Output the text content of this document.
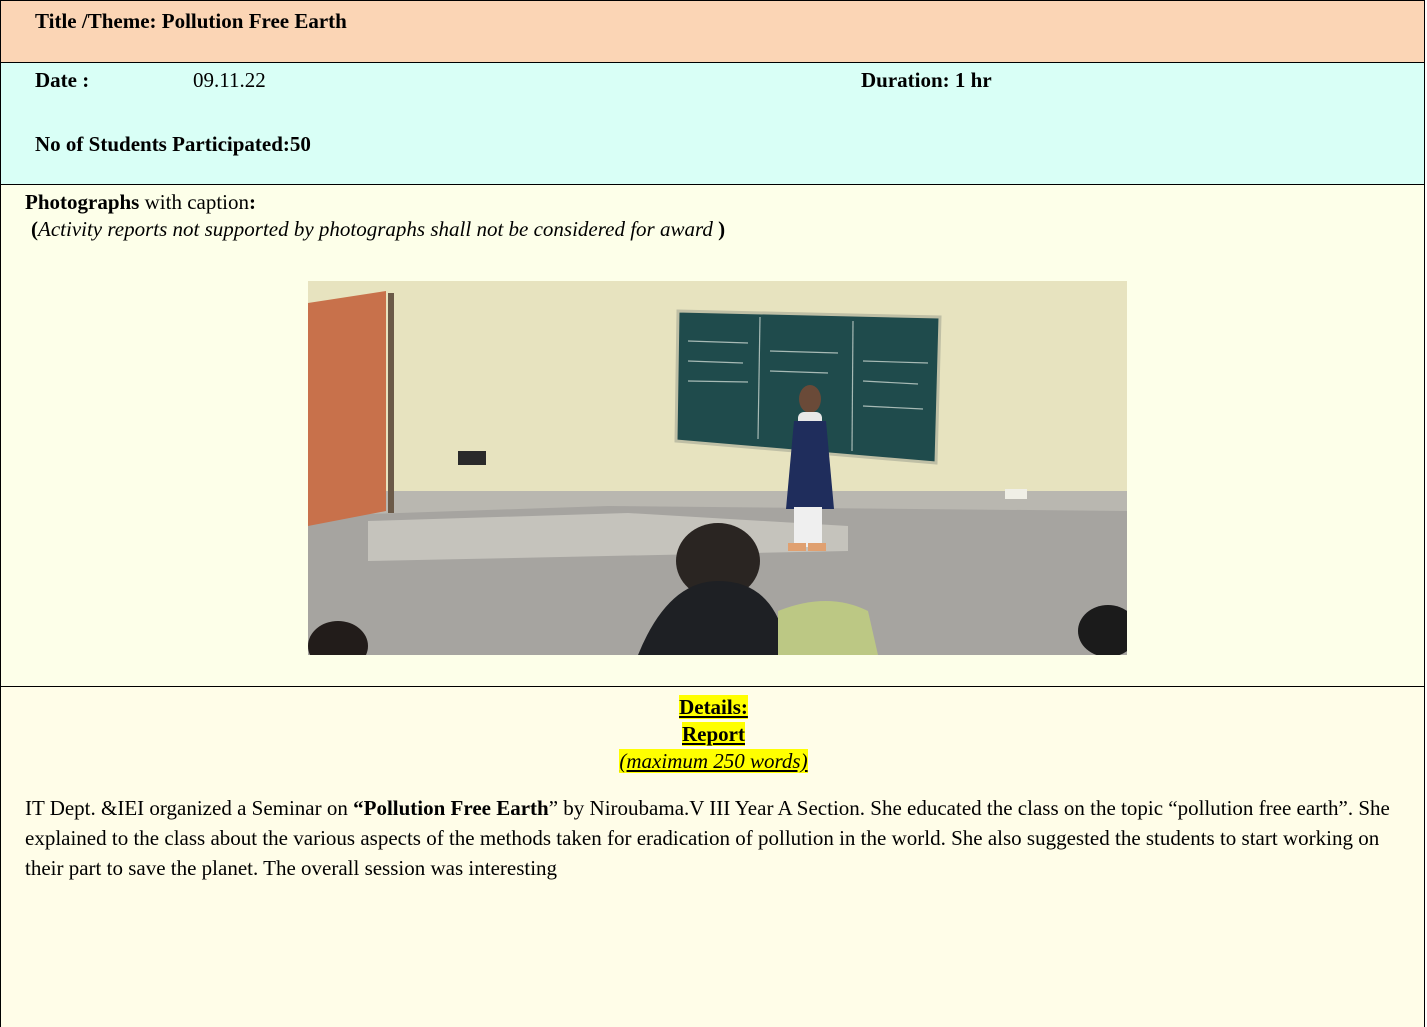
Title /Theme: Pollution Free Earth
Date :	09.11.22	Duration: 1 hr
No of Students Participated:50
Photographs with caption:
(Activity reports not supported by photographs shall not be considered for award )
Details:
Report
(maximum 250 words)
IT Dept. &IEI organized a Seminar on “Pollution Free Earth” by Niroubama.V III Year A Section. She educated the class on the topic “pollution free earth”. She explained to the class about the various aspects of the methods taken for eradication of pollution in the world. She also suggested the students to start working on their part to save the planet. The overall session was interesting
